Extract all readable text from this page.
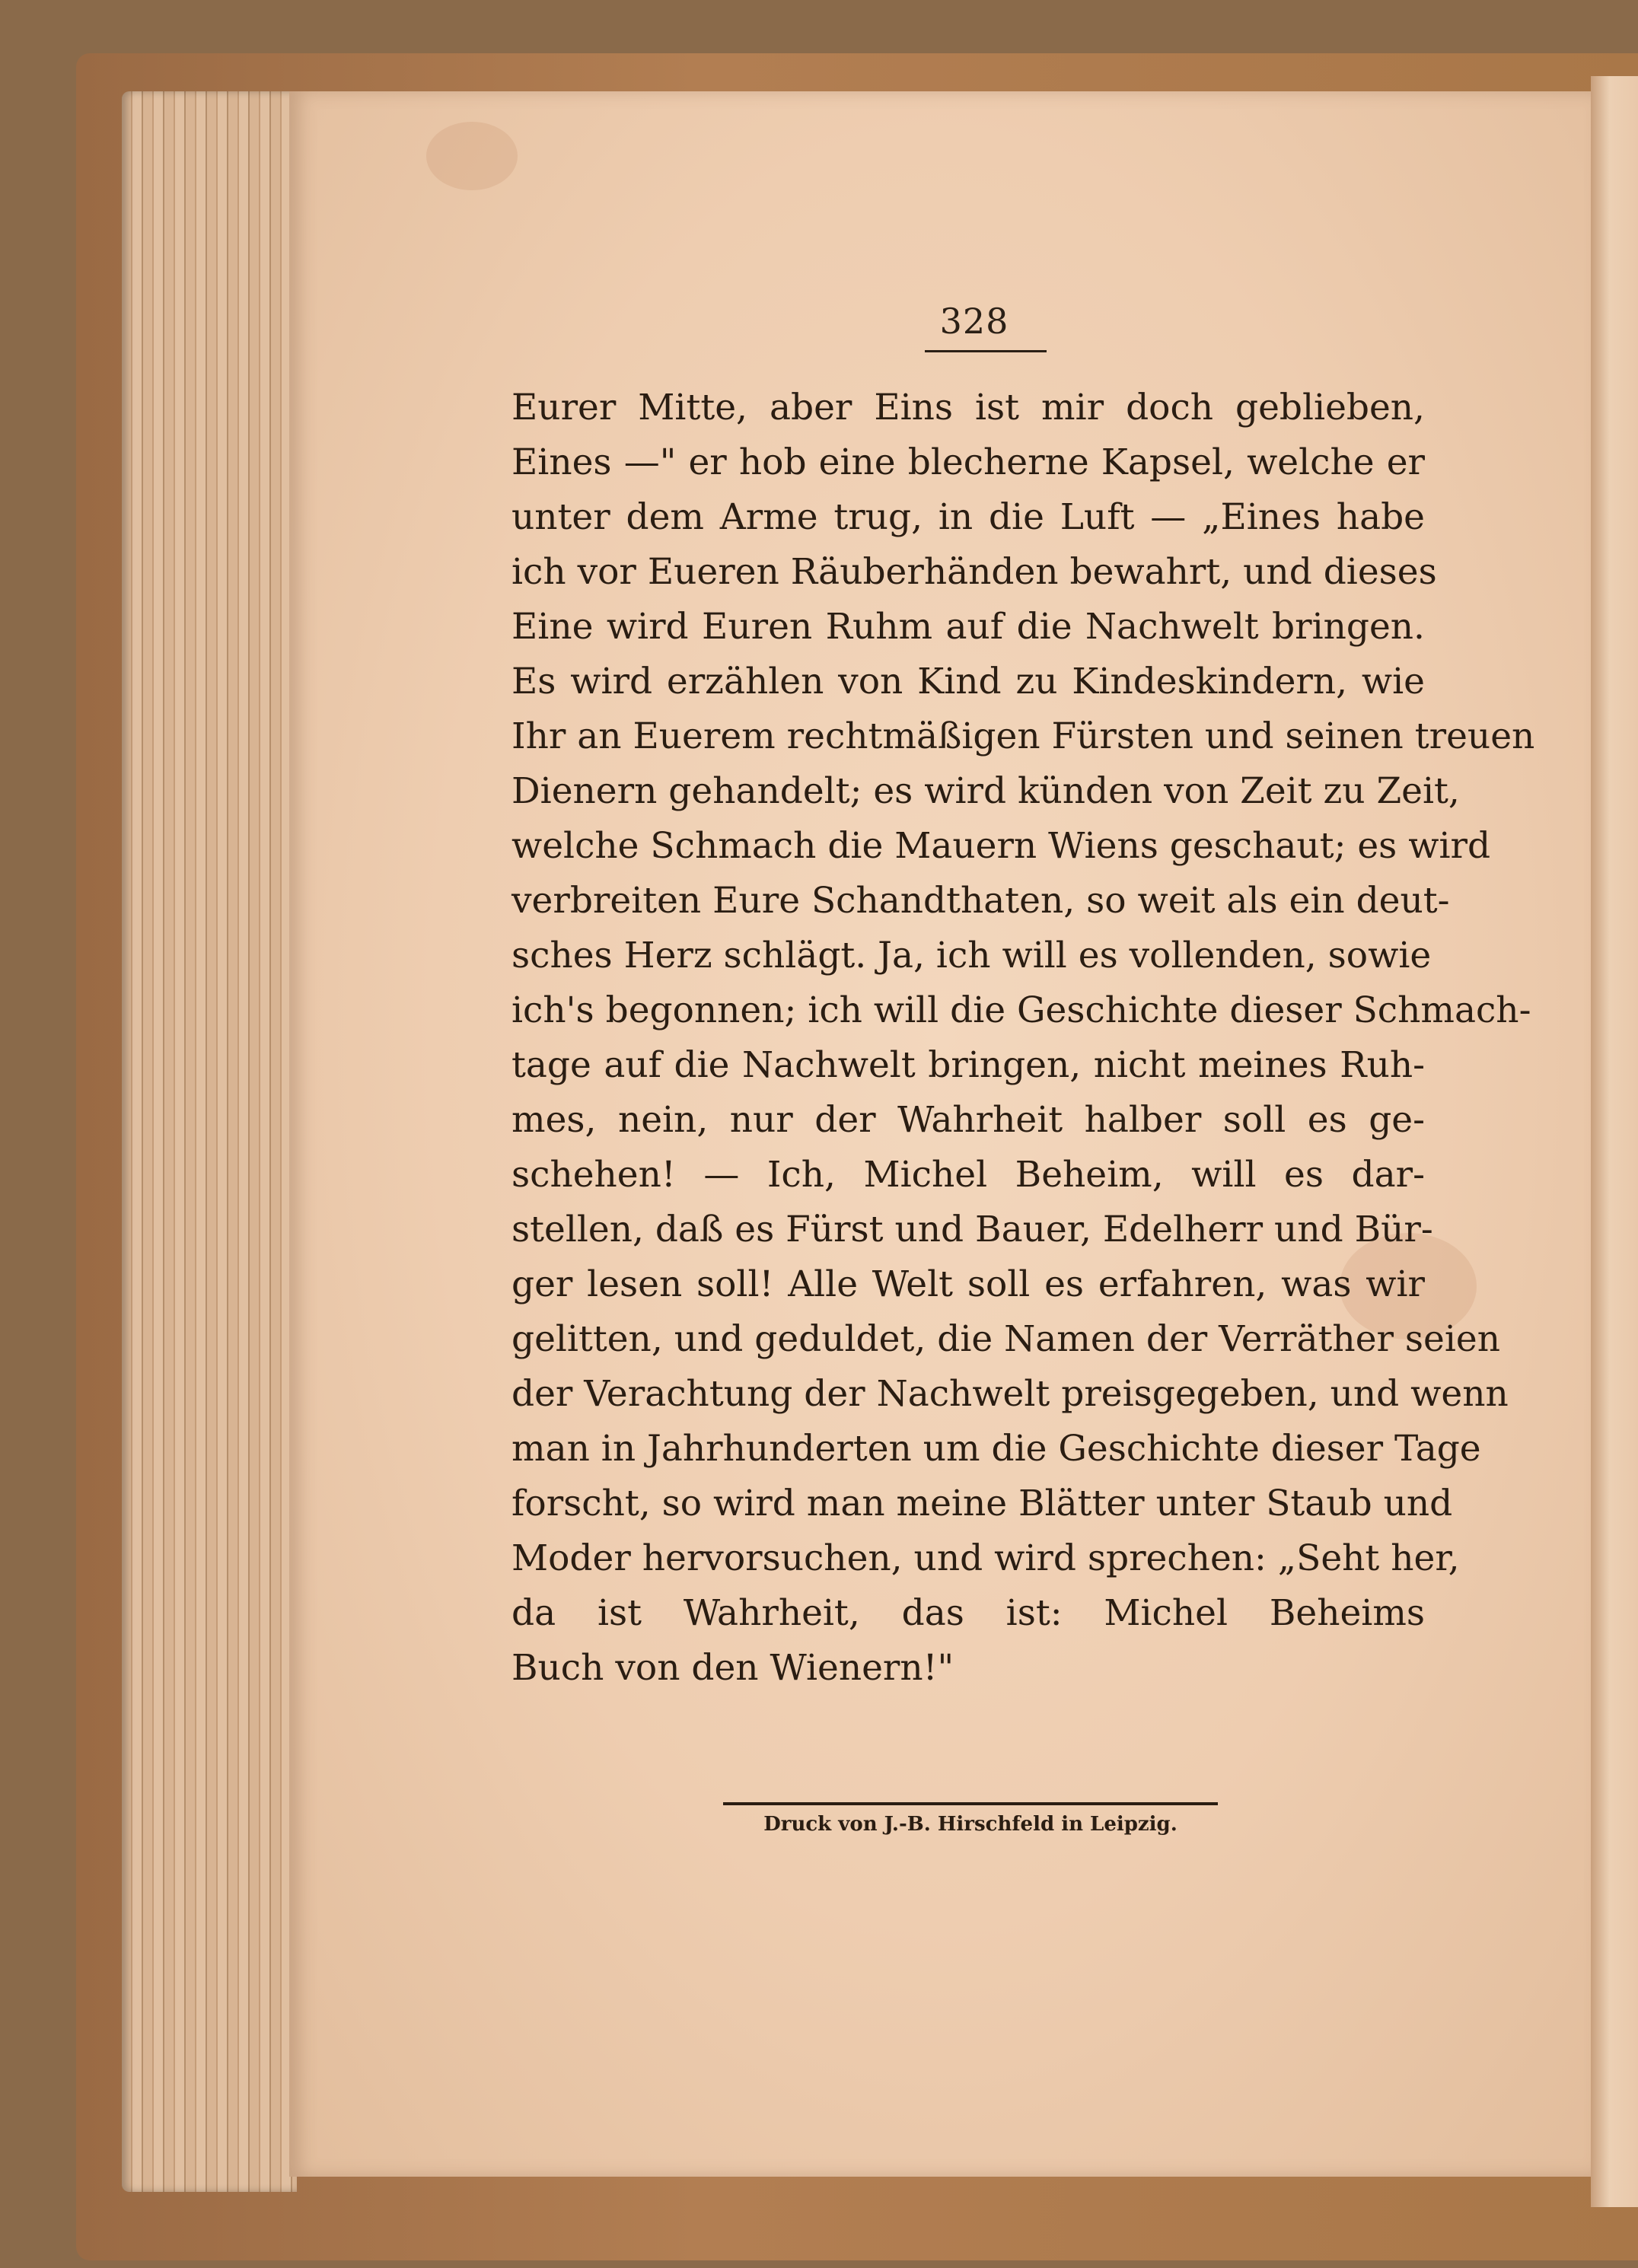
328
Eurer Mitte, aber Eins ist mir doch geblieben,
Eines —" er hob eine blecherne Kapsel, welche er
unter dem Arme trug, in die Luft — „Eines habe
ich vor Eueren Räuberhänden bewahrt, und dieses
Eine wird Euren Ruhm auf die Nachwelt bringen.
Es wird erzählen von Kind zu Kindeskindern, wie
Ihr an Euerem rechtmäßigen Fürsten und seinen treuen
Dienern gehandelt; es wird künden von Zeit zu Zeit,
welche Schmach die Mauern Wiens geschaut; es wird
verbreiten Eure Schandthaten, so weit als ein deut-
sches Herz schlägt. Ja, ich will es vollenden, sowie
ich's begonnen; ich will die Geschichte dieser Schmach-
tage auf die Nachwelt bringen, nicht meines Ruh-
mes, nein, nur der Wahrheit halber soll es ge-
schehen! — Ich, Michel Beheim, will es dar-
stellen, daß es Fürst und Bauer, Edelherr und Bür-
ger lesen soll! Alle Welt soll es erfahren, was wir
gelitten, und geduldet, die Namen der Verräther seien
der Verachtung der Nachwelt preisgegeben, und wenn
man in Jahrhunderten um die Geschichte dieser Tage
forscht, so wird man meine Blätter unter Staub und
Moder hervorsuchen, und wird sprechen: „Seht her,
da ist Wahrheit, das ist: Michel Beheims
Buch von den Wienern!"
Druck von J.-B. Hirschfeld in Leipzig.
